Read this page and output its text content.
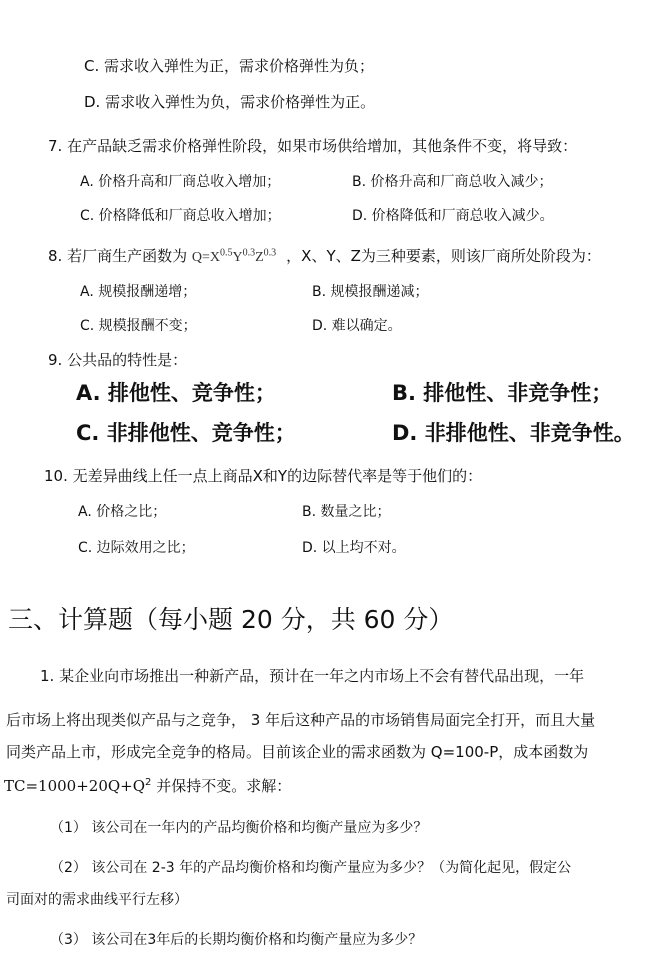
C. 需求收入弹性为正，需求价格弹性为负；
D. 需求收入弹性为负，需求价格弹性为正。
7. 在产品缺乏需求价格弹性阶段，如果市场供给增加，其他条件不变，将导致：
A. 价格升高和厂商总收入增加；	B. 价格升高和厂商总收入减少；
C. 价格降低和厂商总收入增加；	D. 价格降低和厂商总收入减少。
8. 若厂商生产函数为 $Q=X^{0.5}Y^{0.3}Z^{0.3}$ ，X、Y、Z为三种要素，则该厂商所处阶段为：
A. 规模报酬递增；	B. 规模报酬递减；
C. 规模报酬不变；	D. 难以确定。
9. 公共品的特性是：
A. 排他性、竞争性；	B. 排他性、非竞争性；
C. 非排他性、竞争性；	D. 非排他性、非竞争性。
10. 无差异曲线上任一点上商品X和Y的边际替代率是等于他们的：
A. 价格之比；	B. 数量之比；
C. 边际效用之比；	D. 以上均不对。
三、计算题（每小题 20 分，共 60 分）
1. 某企业向市场推出一种新产品，预计在一年之内市场上不会有替代品出现，一年
后市场上将出现类似产品与之竞争， 3 年后这种产品的市场销售局面完全打开，而且大量
同类产品上市，形成完全竞争的格局。目前该企业的需求函数为 Q=100-P，成本函数为
$TC=1000+20Q+Q^2$ 并保持不变。求解：
（1） 该公司在一年内的产品均衡价格和均衡产量应为多少？
（2） 该公司在 2-3 年的产品均衡价格和均衡产量应为多少？（为简化起见，假定公
司面对的需求曲线平行左移）
（3） 该公司在3年后的长期均衡价格和均衡产量应为多少？
